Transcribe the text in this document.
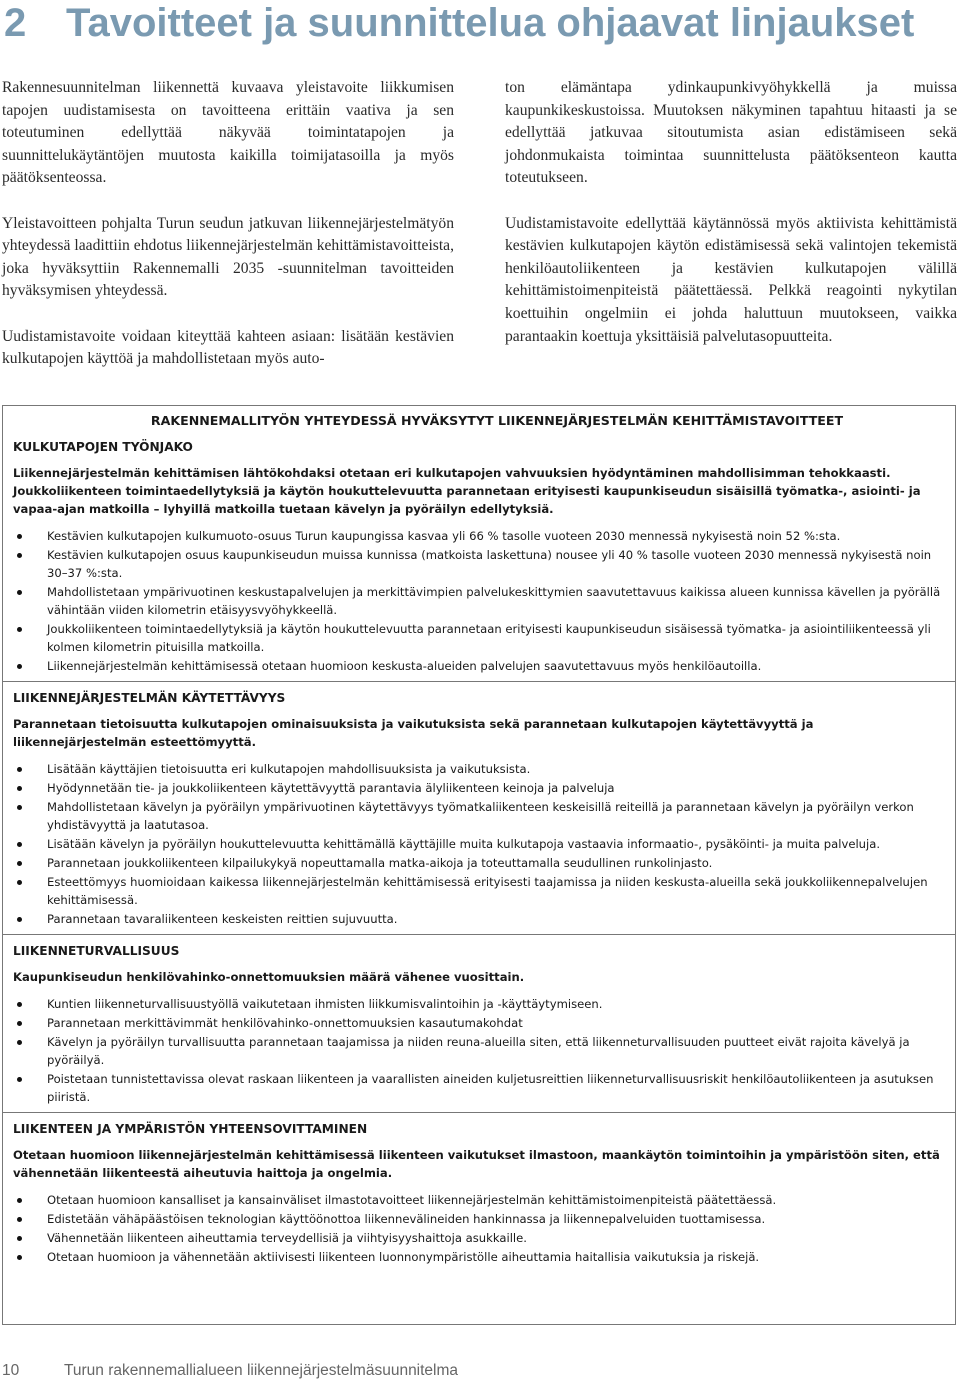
2 Tavoitteet ja suunnittelua ohjaavat linjaukset

Rakennesuunnitelman liikennettä kuvaava yleistavoite liikkumisen tapojen uudistamisesta on tavoitteena erittäin vaativa ja sen toteutuminen edellyttää näkyvää toimintatapojen ja suunnittelukäytäntöjen muutosta kaikilla toimijatasoilla ja myös päätöksenteossa.

Yleistavoitteen pohjalta Turun seudun jatkuvan liikennejärjestelmätyön yhteydessä laadittiin ehdotus liikennejärjestelmän kehittämistavoitteista, joka hyväksyttiin Rakennemalli 2035 -suunnitelman tavoitteiden hyväksymisen yhteydessä.

Uudistamistavoite voidaan kiteyttää kahteen asiaan: lisätään kestävien kulkutapojen käyttöä ja mahdollistetaan myös auto-

ton elämäntapa ydinkaupunkivyöhykkellä ja muissa kaupunkikeskustoissa. Muutoksen näkyminen tapahtuu hitaasti ja se edellyttää jatkuvaa sitoutumista asian edistämiseen sekä johdonmukaista toimintaa suunnittelusta päätöksenteon kautta toteutukseen.

Uudistamistavoite edellyttää käytännössä myös aktiivista kehittämistä kestävien kulkutapojen käytön edistämisessä sekä valintojen tekemistä henkilöautoliikenteen ja kestävien kulkutapojen välillä kehittämistoimenpiteistä päätettäessä. Pelkkä reagointi nykytilan koettuihin ongelmiin ei johda haluttuun muutokseen, vaikka parantaakin koettuja yksittäisiä palvelutasopuutteita.

RAKENNEMALLITYÖN YHTEYDESSÄ HYVÄKSYTYT LIIKENNEJÄRJESTELMÄN KEHITTÄMISTAVOITTEET
KULKUTAPOJEN TYÖNJAKO
Liikennejärjestelmän kehittämisen lähtökohdaksi otetaan eri kulkutapojen vahvuuksien hyödyntäminen mahdollisimman tehokkaasti. Joukkoliikenteen toimintaedellytyksiä ja käytön houkuttelevuutta parannetaan erityisesti kaupunkiseudun sisäisillä työmatka-, asiointi- ja vapaa-ajan matkoilla – lyhyillä matkoilla tuetaan kävelyn ja pyöräilyn edellytyksiä.
Kestävien kulkutapojen kulkumuoto-osuus Turun kaupungissa kasvaa yli 66 % tasolle vuoteen 2030 mennessä nykyisestä noin 52 %:sta.
Kestävien kulkutapojen osuus kaupunkiseudun muissa kunnissa (matkoista laskettuna) nousee yli 40 % tasolle vuoteen 2030 mennessä nykyisestä noin 30–37 %:sta.
Mahdollistetaan ympärivuotinen keskustapalvelujen ja merkittävimpien palvelukeskittymien saavutettavuus kaikissa alueen kunnissa kävellen ja pyörällä vähintään viiden kilometrin etäisyysvyöhykkeellä.
Joukkoliikenteen toimintaedellytyksiä ja käytön houkuttelevuutta parannetaan erityisesti kaupunkiseudun sisäisessä työmatka- ja asiointiliikenteessä yli kolmen kilometrin pituisilla matkoilla.
Liikennejärjestelmän kehittämisessä otetaan huomioon keskusta-alueiden palvelujen saavutettavuus myös henkilöautoilla.
LIIKENNEJÄRJESTELMÄN KÄYTETTÄVYYS
Parannetaan tietoisuutta kulkutapojen ominaisuuksista ja vaikutuksista sekä parannetaan kulkutapojen käytettävyyttä ja liikennejärjestelmän esteettömyyttä.
Lisätään käyttäjien tietoisuutta eri kulkutapojen mahdollisuuksista ja vaikutuksista.
Hyödynnetään tie- ja joukkoliikenteen käytettävyyttä parantavia älyliikenteen keinoja ja palveluja
Mahdollistetaan kävelyn ja pyöräilyn ympärivuotinen käytettävyys työmatkaliikenteen keskeisillä reiteillä ja parannetaan kävelyn ja pyöräilyn verkon yhdistävyyttä ja laatutasoa.
Lisätään kävelyn ja pyöräilyn houkuttelevuutta kehittämällä käyttäjille muita kulkutapoja vastaavia informaatio-, pysäköinti- ja muita palveluja.
Parannetaan joukkoliikenteen kilpailukykyä nopeuttamalla matka-aikoja ja toteuttamalla seudullinen runkolinjasto.
Esteettömyys huomioidaan kaikessa liikennejärjestelmän kehittämisessä erityisesti taajamissa ja niiden keskusta-alueilla sekä joukkoliikennepalvelujen kehittämisessä.
Parannetaan tavaraliikenteen keskeisten reittien sujuvuutta.
LIIKENNETURVALLISUUS
Kaupunkiseudun henkilövahinko-onnettomuuksien määrä vähenee vuosittain.
Kuntien liikenneturvallisuustyöllä vaikutetaan ihmisten liikkumisvalintoihin ja -käyttäytymiseen.
Parannetaan merkittävimmät henkilövahinko-onnettomuuksien kasautumakohdat
Kävelyn ja pyöräilyn turvallisuutta parannetaan taajamissa ja niiden reuna-alueilla siten, että liikenneturvallisuuden puutteet eivät rajoita kävelyä ja pyöräilyä.
Poistetaan tunnistettavissa olevat raskaan liikenteen ja vaarallisten aineiden kuljetusreittien liikenneturvallisuusriskit henkilöautoliikenteen ja asutuksen piiristä.
LIIKENTEEN JA YMPÄRISTÖN YHTEENSOVITTAMINEN
Otetaan huomioon liikennejärjestelmän kehittämisessä liikenteen vaikutukset ilmastoon, maankäytön toimintoihin ja ympäristöön siten, että vähennetään liikenteestä aiheutuvia haittoja ja ongelmia.
Otetaan huomioon kansalliset ja kansainväliset ilmastotavoitteet liikennejärjestelmän kehittämistoimenpiteistä päätettäessä.
Edistetään vähäpäästöisen teknologian käyttöönottoa liikennevälineiden hankinnassa ja liikennepalveluiden tuottamisessa.
Vähennetään liikenteen aiheuttamia terveydellisiä ja viihtyisyyshaittoja asukkaille.
Otetaan huomioon ja vähennetään aktiivisesti liikenteen luonnonympäristölle aiheuttamia haitallisia vaikutuksia ja riskejä.
10	Turun rakennemallialueen liikennejärjestelmäsuunnitelma
